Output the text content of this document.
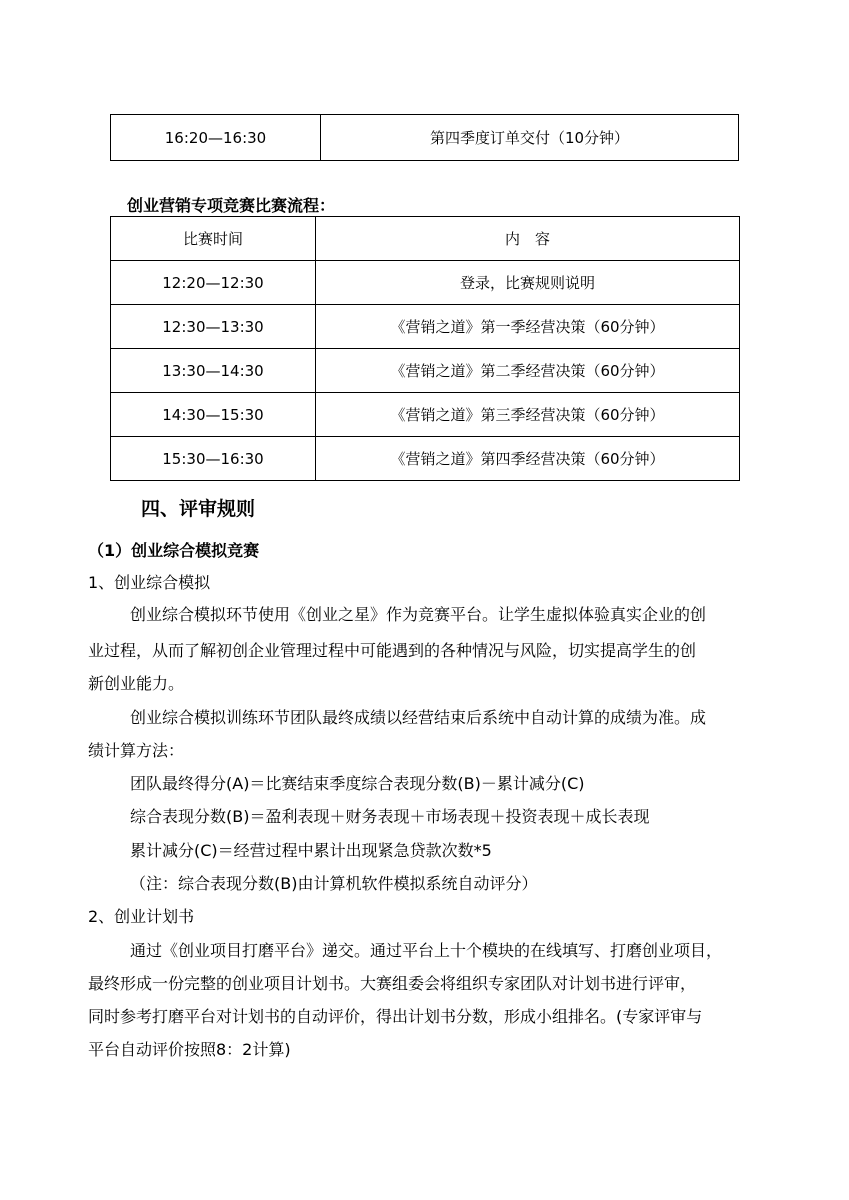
16:20—16:30	第四季度订单交付（10分钟）
创业营销专项竞赛比赛流程：
比赛时间	内　容
12:20—12:30	登录，比赛规则说明
12:30—13:30	《营销之道》第一季经营决策（60分钟）
13:30—14:30	《营销之道》第二季经营决策（60分钟）
14:30—15:30	《营销之道》第三季经营决策（60分钟）
15:30—16:30	《营销之道》第四季经营决策（60分钟）
四、评审规则
（1）创业综合模拟竞赛
1、创业综合模拟
创业综合模拟环节使用《创业之星》作为竞赛平台。让学生虚拟体验真实企业的创
业过程，从而了解初创企业管理过程中可能遇到的各种情况与风险，切实提高学生的创
新创业能力。
创业综合模拟训练环节团队最终成绩以经营结束后系统中自动计算的成绩为准。成
绩计算方法：
团队最终得分(A)＝比赛结束季度综合表现分数(B)－累计减分(C)
综合表现分数(B)＝盈利表现＋财务表现＋市场表现＋投资表现＋成长表现
累计减分(C)＝经营过程中累计出现紧急贷款次数*5
（注：综合表现分数(B)由计算机软件模拟系统自动评分）
2、创业计划书
通过《创业项目打磨平台》递交。通过平台上十个模块的在线填写、打磨创业项目，
最终形成一份完整的创业项目计划书。大赛组委会将组织专家团队对计划书进行评审，
同时参考打磨平台对计划书的自动评价，得出计划书分数，形成小组排名。(专家评审与
平台自动评价按照8：2计算)
